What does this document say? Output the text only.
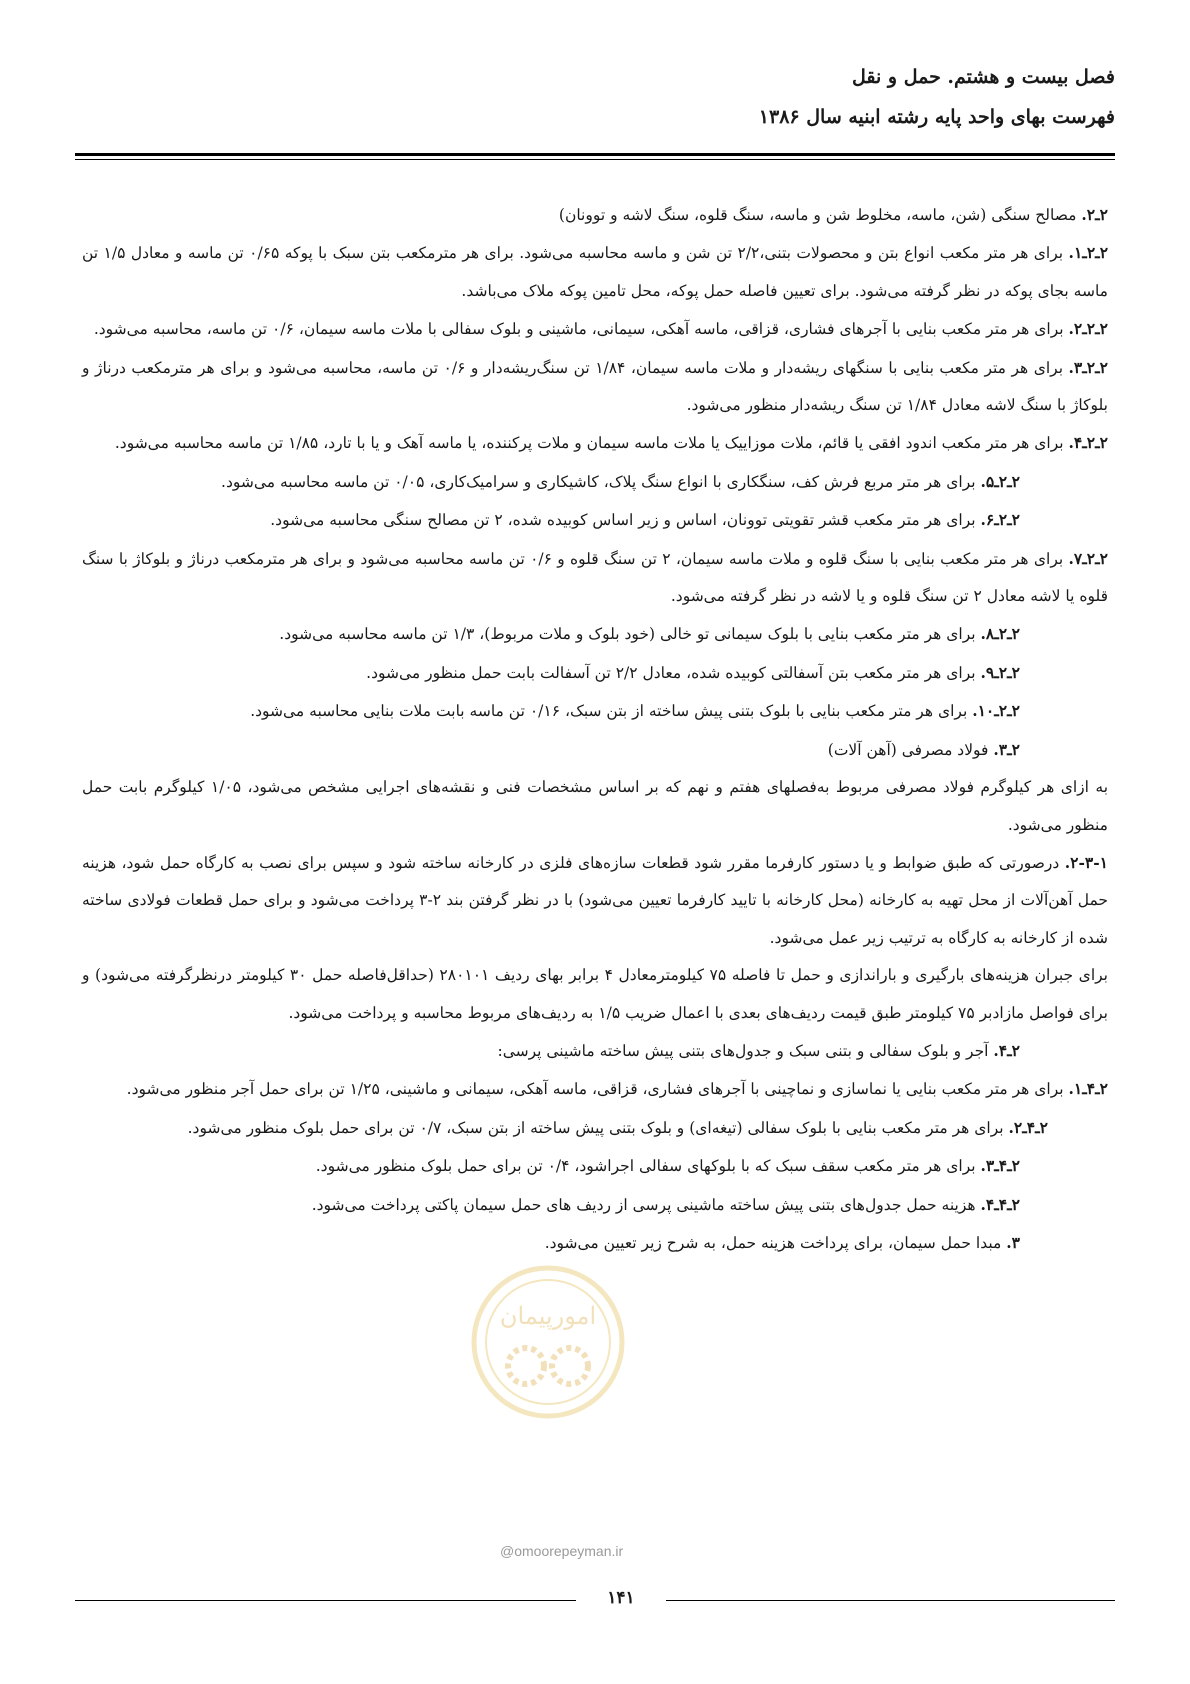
فصل بیست و هشتم. حمل و نقل
فهرست بهای واحد پایه رشته ابنیه سال ۱۳۸۶

۲ـ۲. مصالح سنگی (شن، ماسه، مخلوط شن و ماسه، سنگ قلوه، سنگ لاشه و توونان)

۲ـ۲ـ۱. برای هر متر مکعب انواع بتن و محصولات بتنی،۲/۲ تن شن و ماسه محاسبه می‌شود. برای هر مترمکعب بتن سبک با پوکه ۰/۶۵ تن ماسه و معادل ۱/۵ تن ماسه بجای پوکه در نظر گرفته می‌شود. برای تعیین فاصله حمل پوکه، محل تامین پوکه ملاک می‌باشد.

۲ـ۲ـ۲. برای هر متر مکعب بنایی با آجرهای فشاری، قزاقی، ماسه آهکی، سیمانی، ماشینی و بلوک سفالی با ملات ماسه سیمان، ۰/۶ تن ماسه، محاسبه می‌شود.

۲ـ۲ـ۳. برای هر متر مکعب بنایی با سنگهای ریشه‌دار و ملات ماسه سیمان، ۱/۸۴ تن سنگ‌ریشه‌دار و ۰/۶ تن ماسه، محاسبه می‌شود و برای هر مترمکعب درناژ و بلوکاژ با سنگ لاشه معادل ۱/۸۴ تن سنگ ریشه‌دار منظور می‌شود.

۲ـ۲ـ۴. برای هر متر مکعب اندود افقی یا قائم، ملات موزاییک یا ملات ماسه سیمان و ملات پرکننده، یا ماسه آهک و یا با تارد، ۱/۸۵ تن ماسه محاسبه می‌شود.

۲ـ۲ـ۵. برای هر متر مربع فرش کف، سنگکاری با انواع سنگ پلاک، کاشیکاری و سرامیک‌کاری، ۰/۰۵ تن ماسه محاسبه می‌شود.

۲ـ۲ـ۶. برای هر متر مکعب قشر تقویتی توونان، اساس و زیر اساس کوبیده شده، ۲ تن مصالح سنگی محاسبه می‌شود.

۲ـ۲ـ۷. برای هر متر مکعب بنایی با سنگ قلوه و ملات ماسه سیمان، ۲ تن سنگ قلوه و ۰/۶ تن ماسه محاسبه می‌شود و برای هر مترمکعب درناژ و بلوکاژ با سنگ قلوه یا لاشه معادل ۲ تن سنگ قلوه و یا لاشه در نظر گرفته می‌شود.

۲ـ۲ـ۸. برای هر متر مکعب بنایی با بلوک سیمانی تو خالی (خود بلوک و ملات مربوط)، ۱/۳ تن ماسه محاسبه می‌شود.

۲ـ۲ـ۹. برای هر متر مکعب بتن آسفالتی کوبیده شده، معادل ۲/۲ تن آسفالت بابت حمل منظور می‌شود.

۲ـ۲ـ۱۰. برای هر متر مکعب بنایی با بلوک بتنی پیش ساخته از بتن سبک، ۰/۱۶ تن ماسه بابت ملات بنایی محاسبه می‌شود.

۲ـ۳. فولاد مصرفی (آهن آلات)

به ازای هر کیلوگرم فولاد مصرفی مربوط به‌فصلهای هفتم و نهم که بر اساس مشخصات فنی و نقشه‌های اجرایی مشخص می‌شود، ۱/۰۵ کیلوگرم بابت حمل منظور می‌شود.

۲-۳-۱. درصورتی که طبق ضوابط و یا دستور کارفرما مقرر شود قطعات سازه‌های فلزی در کارخانه ساخته شود و سپس برای نصب به کارگاه حمل شود، هزینه حمل آهن‌آلات از محل تهیه به کارخانه (محل کارخانه با تایید کارفرما تعیین می‌شود) با در نظر گرفتن بند ۲-۳ پرداخت می‌شود و برای حمل قطعات فولادی ساخته شده از کارخانه به کارگاه به ترتیب زیر عمل می‌شود.

برای جبران هزینه‌های بارگیری و باراندازی و حمل تا فاصله ۷۵ کیلومترمعادل ۴ برابر بهای ردیف ۲۸۰۱۰۱ (حداقل‌فاصله حمل ۳۰ کیلومتر درنظرگرفته می‌شود) و برای فواصل مازادبر ۷۵ کیلومتر طبق قیمت ردیف‌های بعدی با اعمال ضریب ۱/۵ به ردیف‌های مربوط محاسبه و پرداخت می‌شود.

۲ـ۴. آجر و بلوک سفالی و بتنی سبک و جدول‌های بتنی پیش ساخته ماشینی پرسی:

۲ـ۴ـ۱. برای هر متر مکعب بنایی یا نماسازی و نماچینی با آجرهای فشاری، قزاقی، ماسه آهکی، سیمانی و ماشینی، ۱/۲۵ تن برای حمل آجر منظور می‌شود.

۲ـ۴ـ۲. برای هر متر مکعب بنایی با بلوک سفالی (تیغه‌ای) و بلوک بتنی پیش ساخته از بتن سبک، ۰/۷ تن برای حمل بلوک منظور می‌شود.

۲ـ۴ـ۳. برای هر متر مکعب سقف سبک که با بلوکهای سفالی اجرا‌شود، ۰/۴ تن برای حمل بلوک منظور می‌شود.

۲ـ۴ـ۴. هزینه حمل جدول‌های بتنی پیش ساخته ماشینی پرسی از ردیف های حمل سیمان پاکتی پرداخت می‌شود.

۳. مبدا حمل سیمان، برای پرداخت هزینه حمل، به شرح زیر تعیین می‌شود.

امورپیمان
@omoorepeyman.ir
۱۴۱
